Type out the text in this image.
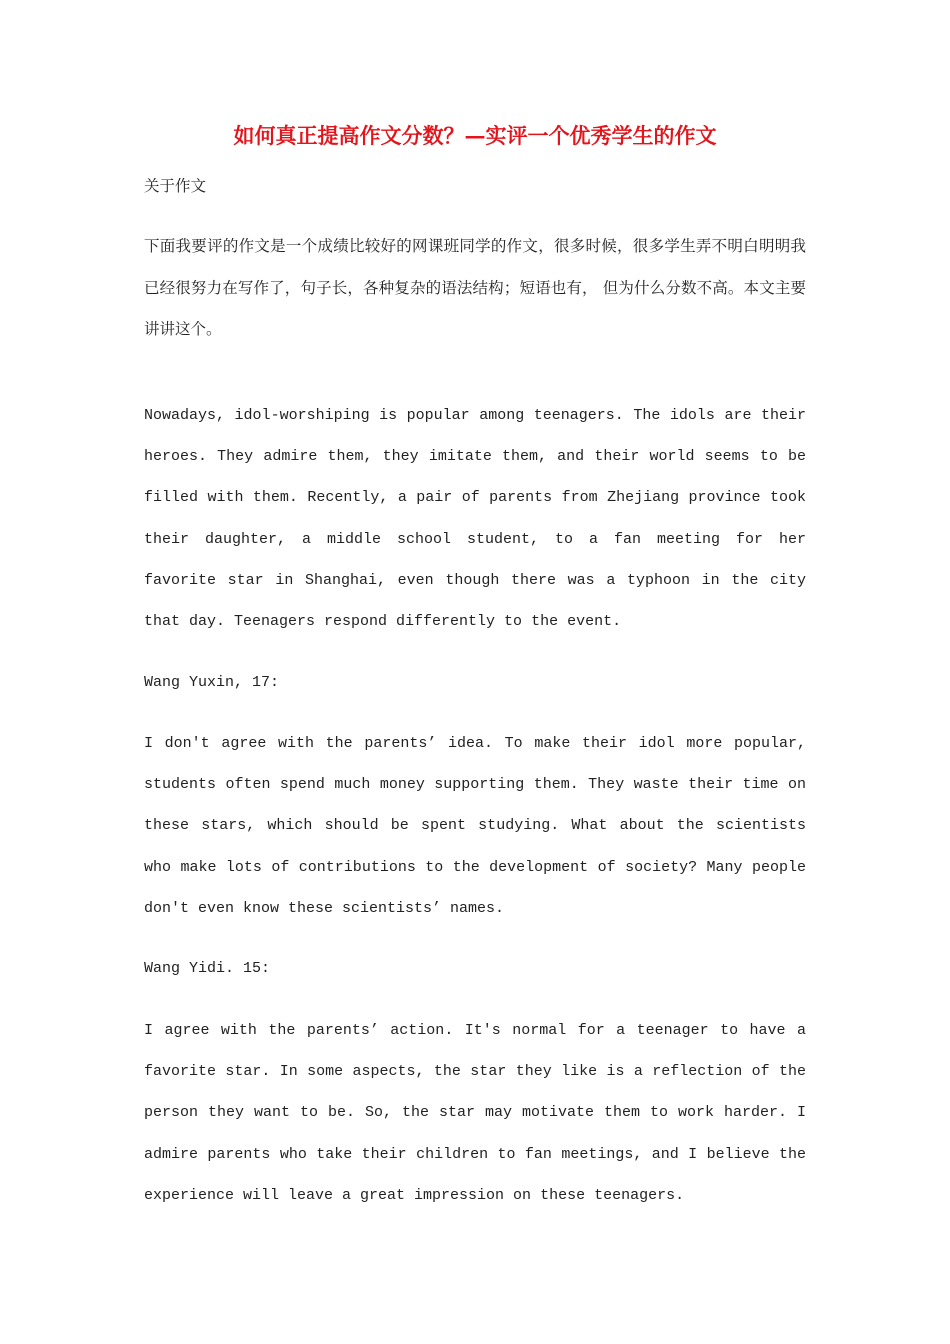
如何真正提高作文分数？—实评一个优秀学生的作文

关于作文

下面我要评的作文是一个成绩比较好的网课班同学的作文，很多时候，很多学生弄不明白明明我已经很努力在写作了，句子长，各种复杂的语法结构；短语也有， 但为什么分数不高。本文主要讲讲这个。

Nowadays, idol-worshiping is popular among teenagers. The idols are their heroes. They admire them, they imitate them, and their world seems to be filled with them. Recently, a pair of parents from Zhejiang province took their daughter, a middle school student, to a fan meeting for her favorite star in Shanghai, even though there was a typhoon in the city that day. Teenagers respond differently to the event.

Wang Yuxin, 17:

I don't agree with the parents’ idea. To make their idol more popular, students often spend much money supporting them. They waste their time on these stars, which should be spent studying. What about the scientists who make lots of contributions to the development of society? Many people don't even know these scientists’ names.

Wang Yidi. 15:

I agree with the parents’ action. It's normal for a teenager to have a favorite star. In some aspects, the star they like is a reflection of the person they want to be. So, the star may motivate them to work harder. I admire parents who take their children to fan meetings, and I believe the experience will leave a great impression on these teenagers.
